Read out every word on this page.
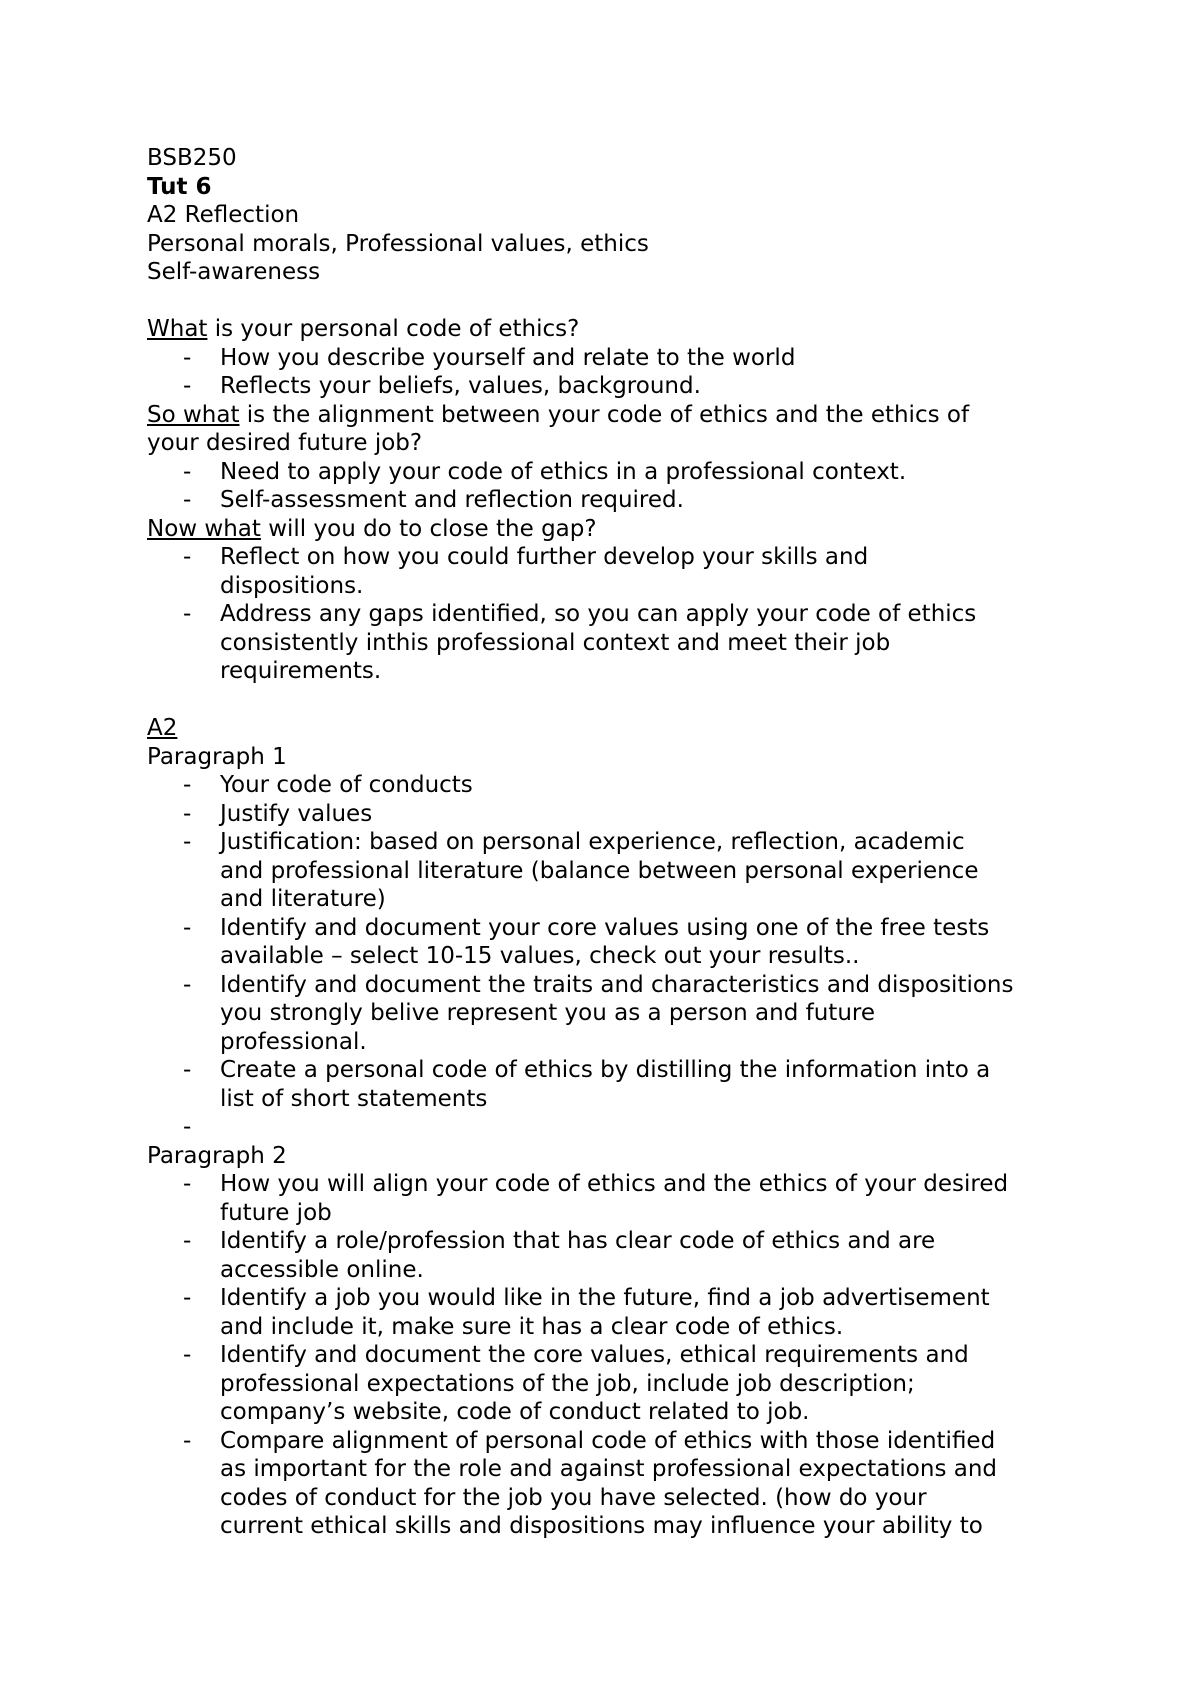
BSB250

Tut 6

A2 Reflection

Personal morals, Professional values, ethics

Self-awareness

What is your personal code of ethics?

- How you describe yourself and relate to the world
- Reflects your beliefs, values, background.

So what is the alignment between your code of ethics and the ethics of

your desired future job?

- Need to apply your code of ethics in a professional context.
- Self-assessment and reflection required.

Now what will you do to close the gap?

- Reflect on how you could further develop your skills and
dispositions.
- Address any gaps identified, so you can apply your code of ethics
consistently inthis professional context and meet their job
requirements.

A2

Paragraph 1

- Your code of conducts
- Justify values
- Justification: based on personal experience, reflection, academic
and professional literature (balance between personal experience
and literature)
- Identify and document your core values using one of the free tests
available – select 10-15 values, check out your results..
- Identify and document the traits and characteristics and dispositions
you strongly belive represent you as a person and future
professional.
- Create a personal code of ethics by distilling the information into a
list of short statements
-

Paragraph 2

- How you will align your code of ethics and the ethics of your desired
future job
- Identify a role/profession that has clear code of ethics and are
accessible online.
- Identify a job you would like in the future, find a job advertisement
and include it, make sure it has a clear code of ethics.
- Identify and document the core values, ethical requirements and
professional expectations of the job, include job description;
company’s website, code of conduct related to job.
- Compare alignment of personal code of ethics with those identified
as important for the role and against professional expectations and
codes of conduct for the job you have selected. (how do your
current ethical skills and dispositions may influence your ability to
